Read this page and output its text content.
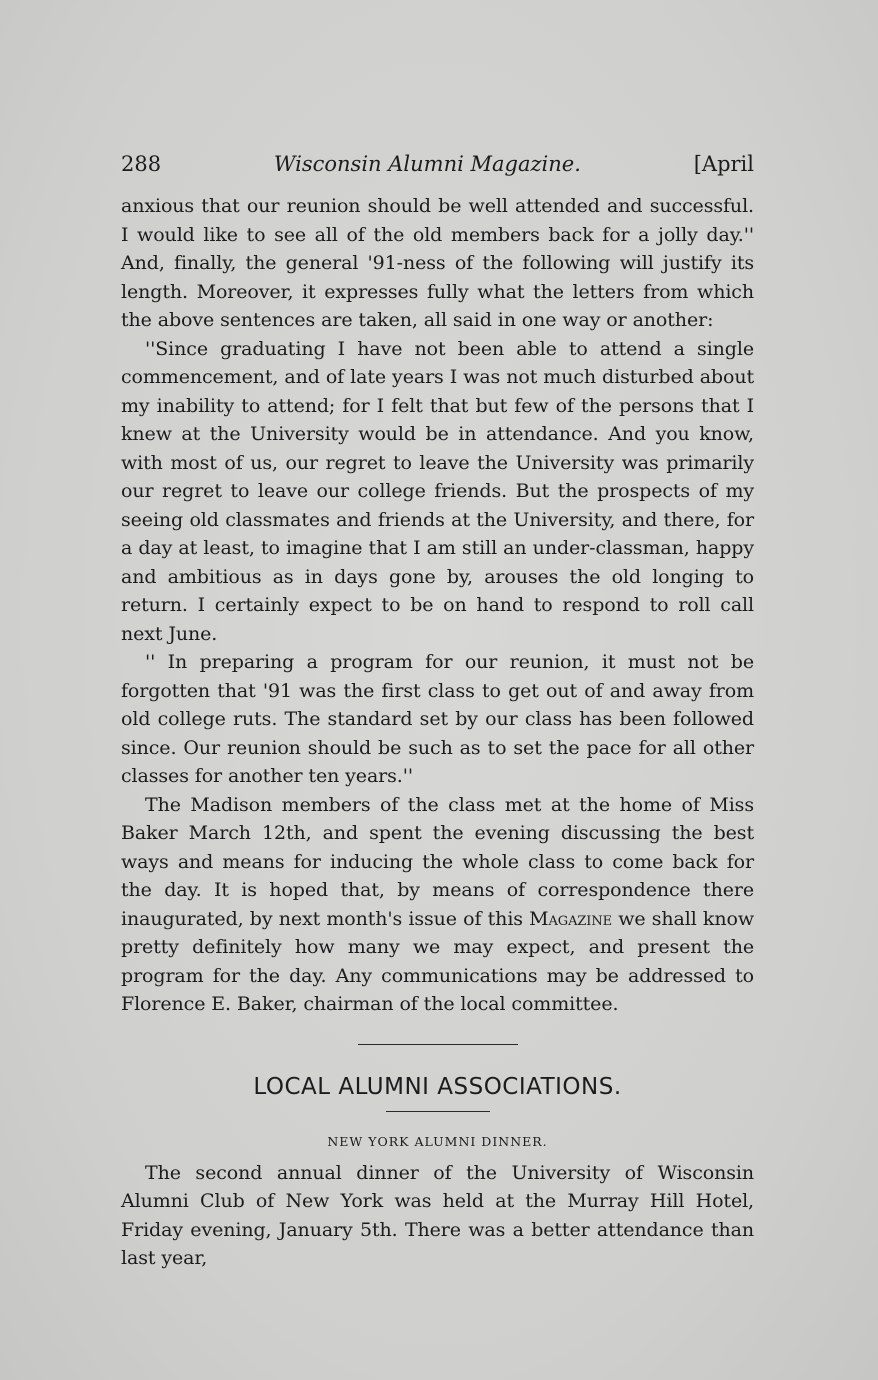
288	Wisconsin Alumni Magazine.	[April

anxious that our reunion should be well attended and successful. I would like to see all of the old members back for a jolly day.'' And, finally, the general '91-ness of the following will justify its length. Moreover, it expresses fully what the letters from which the above sentences are taken, all said in one way or another:

''Since graduating I have not been able to attend a single commencement, and of late years I was not much disturbed about my inability to attend; for I felt that but few of the persons that I knew at the University would be in attendance. And you know, with most of us, our regret to leave the University was primarily our regret to leave our college friends. But the prospects of my seeing old classmates and friends at the University, and there, for a day at least, to imagine that I am still an under-classman, happy and ambitious as in days gone by, arouses the old longing to return. I certainly expect to be on hand to respond to roll call next June.

'' In preparing a program for our reunion, it must not be forgotten that '91 was the first class to get out of and away from old college ruts. The standard set by our class has been followed since. Our reunion should be such as to set the pace for all other classes for another ten years.''

The Madison members of the class met at the home of Miss Baker March 12th, and spent the evening discussing the best ways and means for inducing the whole class to come back for the day. It is hoped that, by means of correspondence there inaugurated, by next month's issue of this Magazine we shall know pretty definitely how many we may expect, and present the program for the day. Any communications may be addressed to Florence E. Baker, chairman of the local committee.

LOCAL ALUMNI ASSOCIATIONS.
NEW YORK ALUMNI DINNER.

The second annual dinner of the University of Wisconsin Alumni Club of New York was held at the Murray Hill Hotel, Friday evening, January 5th. There was a better attendance than last year,
